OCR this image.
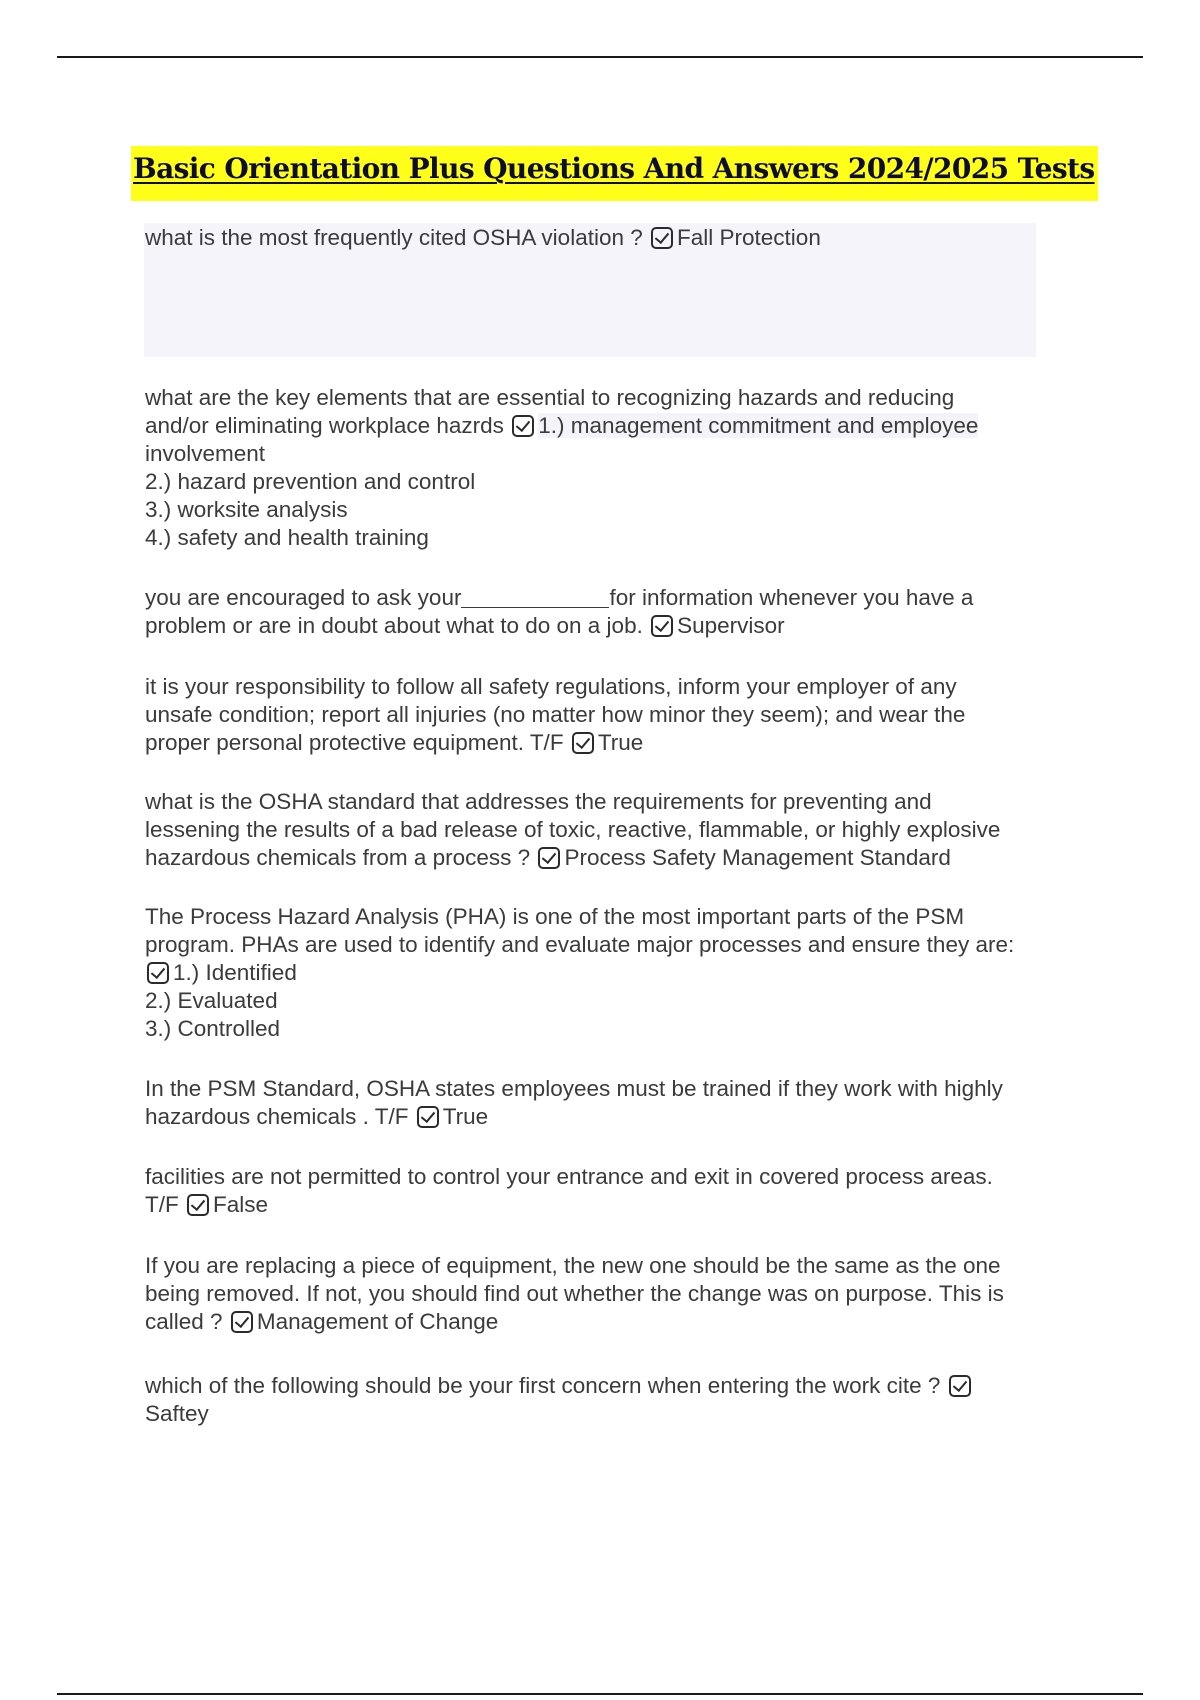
Basic Orientation Plus Questions And Answers 2024/2025 Tests
what is the most frequently cited OSHA violation ? Fall Protection
what are the key elements that are essential to recognizing hazards and reducing
and/or eliminating workplace hazrds 1.) management commitment and employee
involvement
2.) hazard prevention and control
3.) worksite analysis
4.) safety and health training
you are encouraged to ask your	for information whenever you have a
problem or are in doubt about what to do on a job. Supervisor
it is your responsibility to follow all safety regulations, inform your employer of any
unsafe condition; report all injuries (no matter how minor they seem); and wear the
proper personal protective equipment. T/F True
what is the OSHA standard that addresses the requirements for preventing and
lessening the results of a bad release of toxic, reactive, flammable, or highly explosive
hazardous chemicals from a process ? Process Safety Management Standard
The Process Hazard Analysis (PHA) is one of the most important parts of the PSM
program. PHAs are used to identify and evaluate major processes and ensure they are:
1.) Identified
2.) Evaluated
3.) Controlled
In the PSM Standard, OSHA states employees must be trained if they work with highly
hazardous chemicals . T/F True
facilities are not permitted to control your entrance and exit in covered process areas.
T/F False
If you are replacing a piece of equipment, the new one should be the same as the one
being removed. If not, you should find out whether the change was on purpose. This is
called ? Management of Change
which of the following should be your first concern when entering the work cite ?
Saftey
